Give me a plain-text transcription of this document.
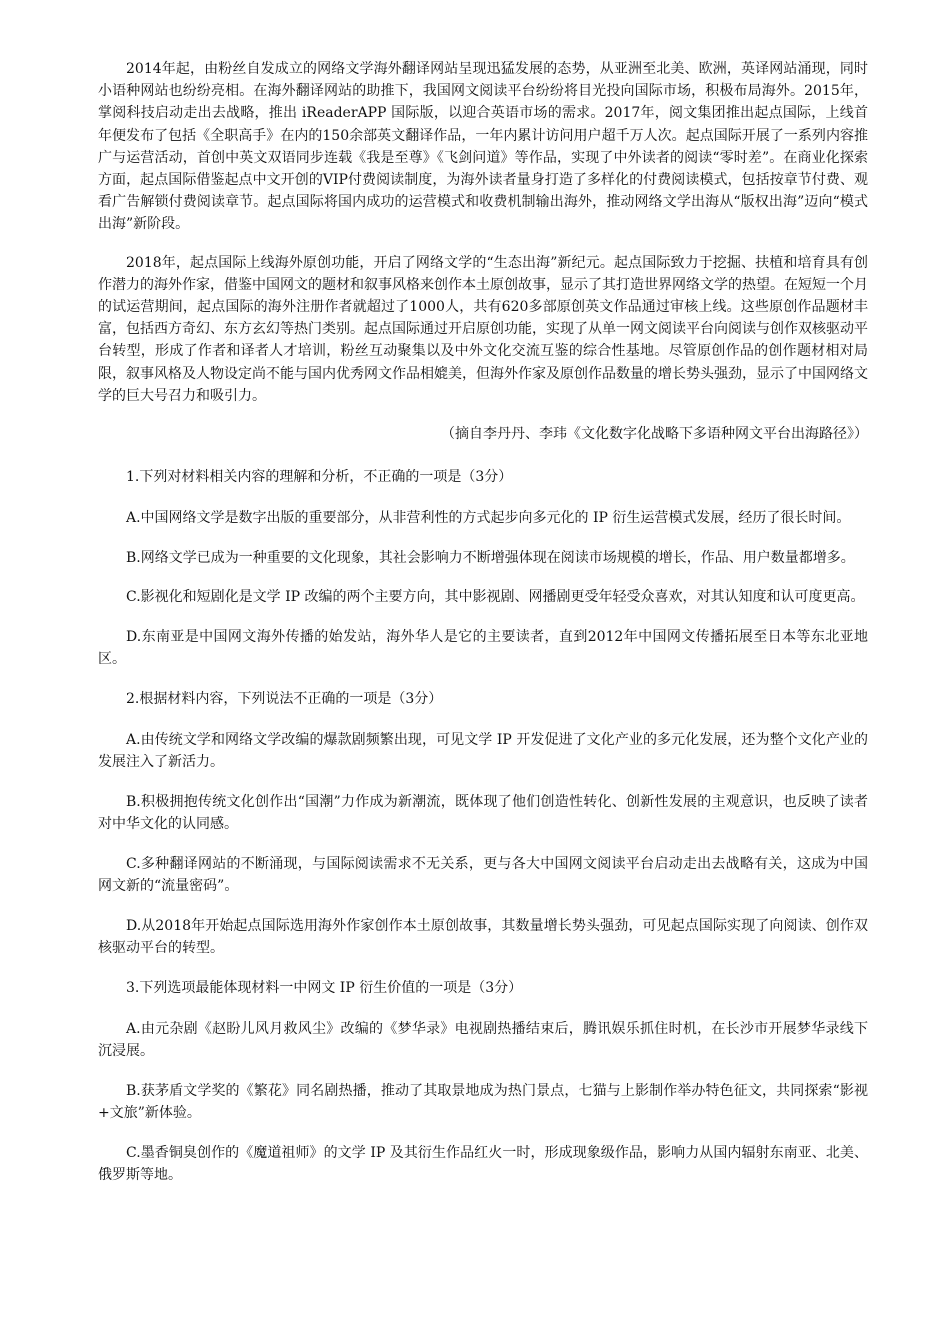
2014年起，由粉丝自发成立的网络文学海外翻译网站呈现迅猛发展的态势，从亚洲至北美、欧洲，英译网站涌现，同时小语种网站也纷纷亮相。在海外翻译网站的助推下，我国网文阅读平台纷纷将目光投向国际市场，积极布局海外。2015年，掌阅科技启动走出去战略，推出 iReaderAPP 国际版，以迎合英语市场的需求。2017年，阅文集团推出起点国际，上线首年便发布了包括《全职高手》在内的150余部英文翻译作品，一年内累计访问用户超千万人次。起点国际开展了一系列内容推广与运营活动，首创中英文双语同步连载《我是至尊》《飞剑问道》等作品，实现了中外读者的阅读“零时差”。在商业化探索方面，起点国际借鉴起点中文开创的VIP付费阅读制度，为海外读者量身打造了多样化的付费阅读模式，包括按章节付费、观看广告解锁付费阅读章节。起点国际将国内成功的运营模式和收费机制输出海外，推动网络文学出海从“版权出海”迈向“模式出海”新阶段。

2018年，起点国际上线海外原创功能，开启了网络文学的“生态出海”新纪元。起点国际致力于挖掘、扶植和培育具有创作潜力的海外作家，借鉴中国网文的题材和叙事风格来创作本土原创故事，显示了其打造世界网络文学的热望。在短短一个月的试运营期间，起点国际的海外注册作者就超过了1000人，共有620多部原创英文作品通过审核上线。这些原创作品题材丰富，包括西方奇幻、东方玄幻等热门类别。起点国际通过开启原创功能，实现了从单一网文阅读平台向阅读与创作双核驱动平台转型，形成了作者和译者人才培训，粉丝互动聚集以及中外文化交流互鉴的综合性基地。尽管原创作品的创作题材相对局限，叙事风格及人物设定尚不能与国内优秀网文作品相媲美，但海外作家及原创作品数量的增长势头强劲，显示了中国网络文学的巨大号召力和吸引力。

（摘自李丹丹、李玮《文化数字化战略下多语种网文平台出海路径》）

1.下列对材料相关内容的理解和分析，不正确的一项是（3分）

A.中国网络文学是数字出版的重要部分，从非营利性的方式起步向多元化的 IP 衍生运营模式发展，经历了很长时间。

B.网络文学已成为一种重要的文化现象，其社会影响力不断增强体现在阅读市场规模的增长，作品、用户数量都增多。

C.影视化和短剧化是文学 IP 改编的两个主要方向，其中影视剧、网播剧更受年轻受众喜欢，对其认知度和认可度更高。

D.东南亚是中国网文海外传播的始发站，海外华人是它的主要读者，直到2012年中国网文传播拓展至日本等东北亚地区。

2.根据材料内容，下列说法不正确的一项是（3分）

A.由传统文学和网络文学改编的爆款剧频繁出现，可见文学 IP 开发促进了文化产业的多元化发展，还为整个文化产业的发展注入了新活力。

B.积极拥抱传统文化创作出“国潮”力作成为新潮流，既体现了他们创造性转化、创新性发展的主观意识，也反映了读者对中华文化的认同感。

C.多种翻译网站的不断涌现，与国际阅读需求不无关系，更与各大中国网文阅读平台启动走出去战略有关，这成为中国网文新的“流量密码”。

D.从2018年开始起点国际选用海外作家创作本土原创故事，其数量增长势头强劲，可见起点国际实现了向阅读、创作双核驱动平台的转型。

3.下列选项最能体现材料一中网文 IP 衍生价值的一项是（3分）

A.由元杂剧《赵盼儿风月救风尘》改编的《梦华录》电视剧热播结束后，腾讯娱乐抓住时机，在长沙市开展梦华录线下沉浸展。

B.获茅盾文学奖的《繁花》同名剧热播，推动了其取景地成为热门景点，七猫与上影制作举办特色征文，共同探索“影视+文旅”新体验。

C.墨香铜臭创作的《魔道祖师》的文学 IP 及其衍生作品红火一时，形成现象级作品，影响力从国内辐射东南亚、北美、俄罗斯等地。
